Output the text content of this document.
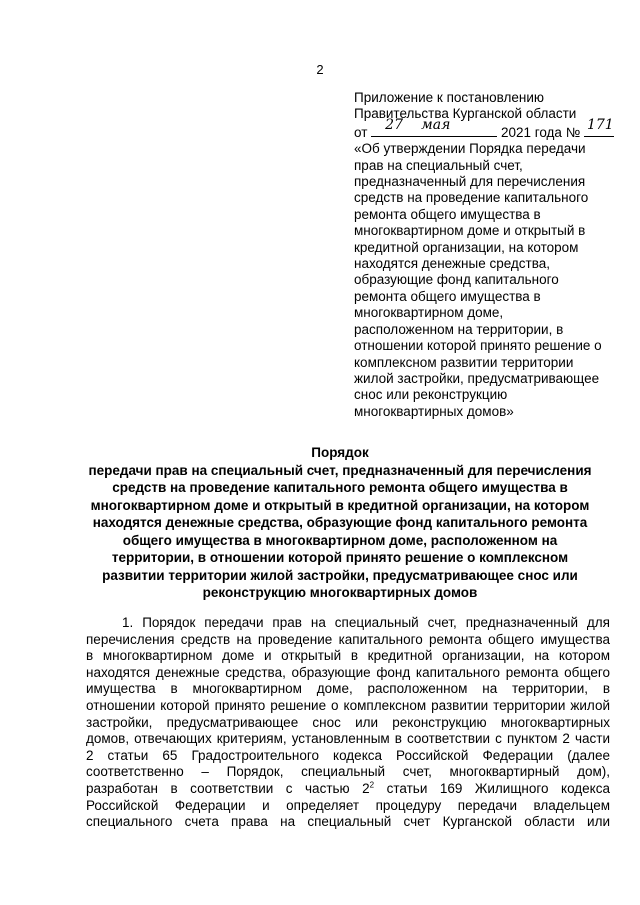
2
Приложение к постановлению
Правительства Курганской области
от 27 мая	2021 года № 171
«Об утверждении Порядка передачи
прав на специальный счет,
предназначенный для перечисления
средств на проведение капитального
ремонта общего имущества в
многоквартирном доме и открытый в
кредитной организации, на котором
находятся денежные средства,
образующие фонд капитального
ремонта общего имущества в
многоквартирном доме,
расположенном на территории, в
отношении которой принято решение о
комплексном развитии территории
жилой застройки, предусматривающее
снос или реконструкцию
многоквартирных домов»
Порядок
передачи прав на специальный счет, предназначенный для перечисления
средств на проведение капитального ремонта общего имущества в
многоквартирном доме и открытый в кредитной организации, на котором
находятся денежные средства, образующие фонд капитального ремонта
общего имущества в многоквартирном доме, расположенном на
территории, в отношении которой принято решение о комплексном
развитии территории жилой застройки, предусматривающее снос или
реконструкцию многоквартирных домов
1. Порядок передачи прав на специальный счет, предназначенный для
перечисления средств на проведение капитального ремонта общего имущества
в многоквартирном доме и открытый в кредитной организации, на котором
находятся денежные средства, образующие фонд капитального ремонта общего
имущества в многоквартирном доме, расположенном на территории, в
отношении которой принято решение о комплексном развитии территории жилой
застройки, предусматривающее снос или реконструкцию многоквартирных
домов, отвечающих критериям, установленным в соответствии с пунктом 2 части
2 статьи 65 Градостроительного кодекса Российской Федерации (далее
соответственно – Порядок, специальный счет, многоквартирный дом),
разработан в соответствии с частью $2^2$ статьи 169 Жилищного кодекса
Российской Федерации и определяет процедуру передачи владельцем
специального счета права на специальный счет Курганской области или
